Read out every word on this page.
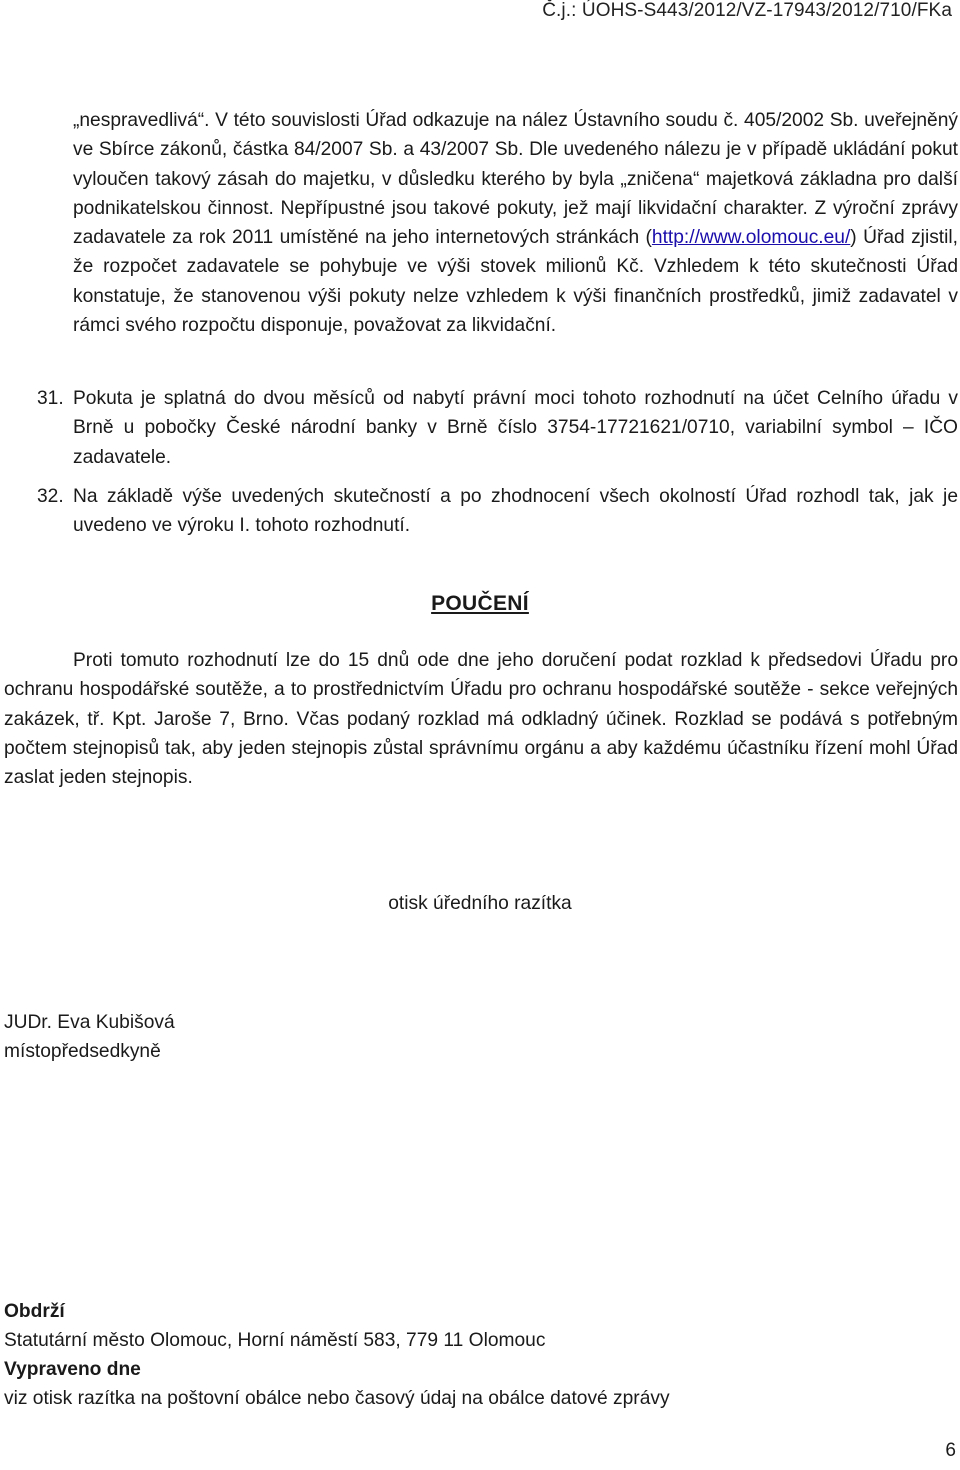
Č.j.: ÚOHS-S443/2012/VZ-17943/2012/710/FKa

„nespravedlivá“. V této souvislosti Úřad odkazuje na nález Ústavního soudu č. 405/2002 Sb. uveřejněný ve Sbírce zákonů, částka 84/2007 Sb. a 43/2007 Sb. Dle uvedeného nálezu je v případě ukládání pokut vyloučen takový zásah do majetku, v důsledku kterého by byla „zničena“ majetková základna pro další podnikatelskou činnost. Nepřípustné jsou takové pokuty, jež mají likvidační charakter. Z výroční zprávy zadavatele za rok 2011 umístěné na jeho internetových stránkách (http://www.olomouc.eu/) Úřad zjistil, že rozpočet zadavatele se pohybuje ve výši stovek milionů Kč. Vzhledem k této skutečnosti Úřad konstatuje, že stanovenou výši pokuty nelze vzhledem k výši finančních prostředků, jimiž zadavatel v rámci svého rozpočtu disponuje, považovat za likvidační.

31. Pokuta je splatná do dvou měsíců od nabytí právní moci tohoto rozhodnutí na účet Celního úřadu v Brně u pobočky České národní banky v Brně číslo 3754-17721621/0710, variabilní symbol – IČO zadavatele.

32. Na základě výše uvedených skutečností a po zhodnocení všech okolností Úřad rozhodl tak, jak je uvedeno ve výroku I. tohoto rozhodnutí.

POUČENÍ

Proti tomuto rozhodnutí lze do 15 dnů ode dne jeho doručení podat rozklad k předsedovi Úřadu pro ochranu hospodářské soutěže, a to prostřednictvím Úřadu pro ochranu hospodářské soutěže - sekce veřejných zakázek, tř. Kpt. Jaroše 7, Brno. Včas podaný rozklad má odkladný účinek. Rozklad se podává s potřebným počtem stejnopisů tak, aby jeden stejnopis zůstal správnímu orgánu a aby každému účastníku řízení mohl Úřad zaslat jeden stejnopis.

otisk úředního razítka
JUDr. Eva Kubišová
místopředsedkyně
Obdrží
Statutární město Olomouc, Horní náměstí 583, 779 11 Olomouc
Vypraveno dne
viz otisk razítka na poštovní obálce nebo časový údaj na obálce datové zprávy
6
